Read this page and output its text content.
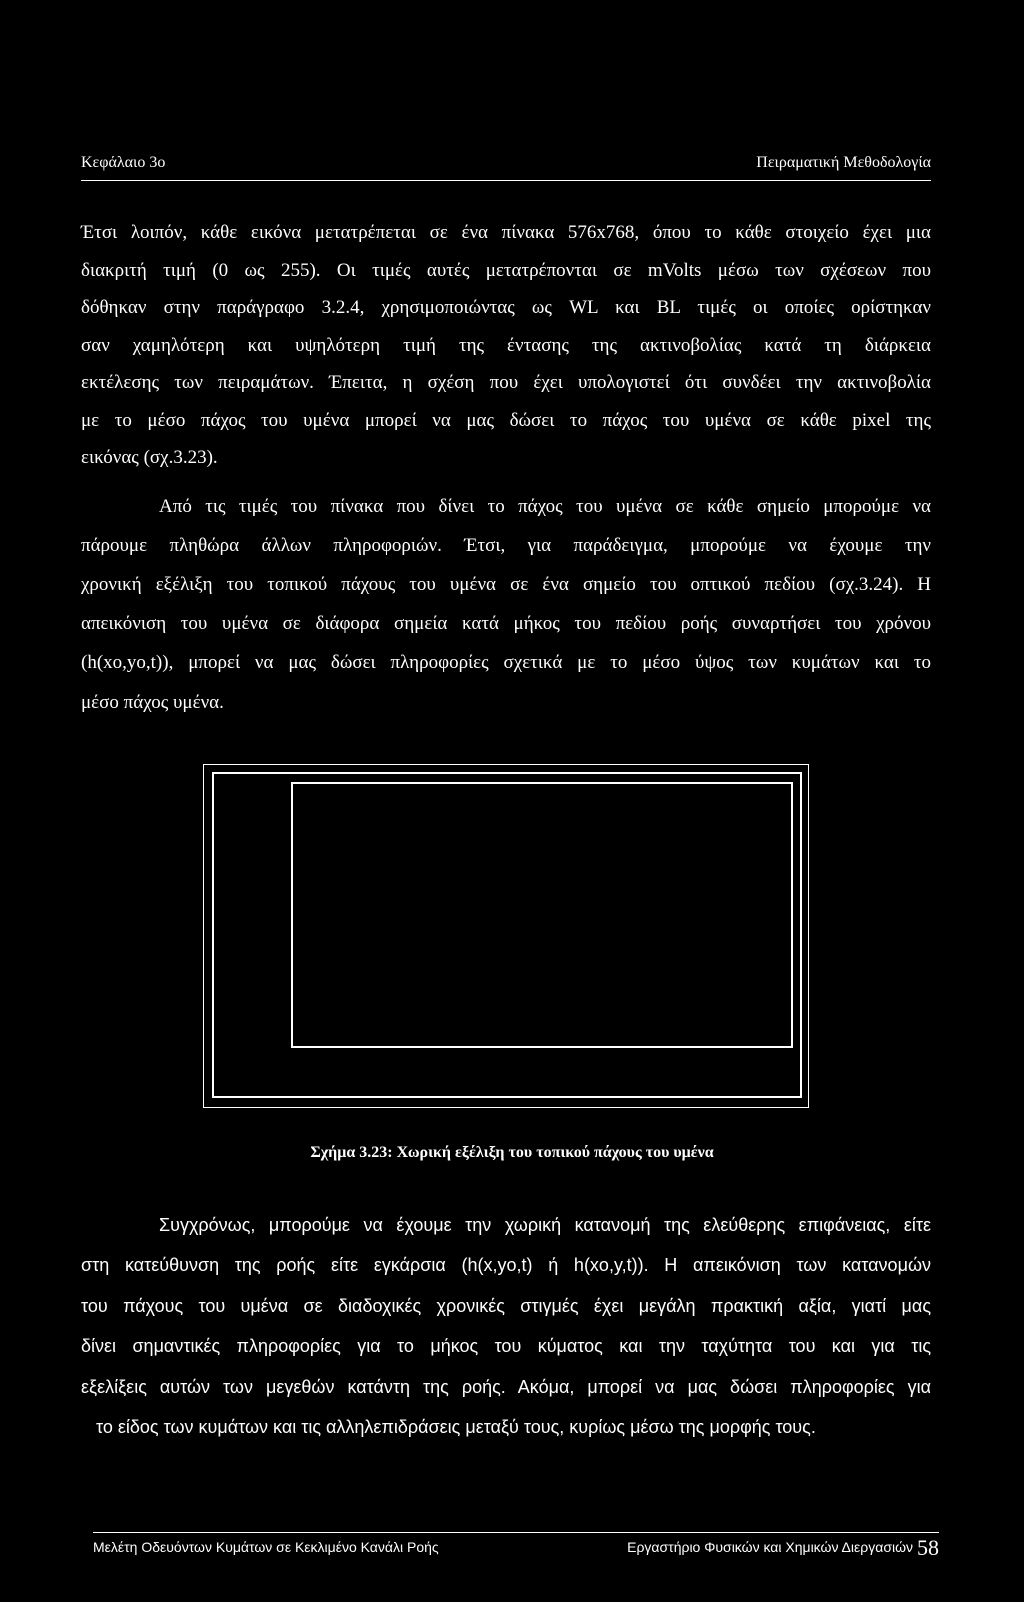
Κεφάλαιο 3ο	Πειραματική Μεθοδολογία
Έτσι λοιπόν, κάθε εικόνα μετατρέπεται σε ένα πίνακα 576x768, όπου το κάθε στοιχείο έχει μια
διακριτή τιμή (0 ως 255). Οι τιμές αυτές μετατρέπονται σε mVolts μέσω των σχέσεων που
δόθηκαν στην παράγραφο 3.2.4, χρησιμοποιώντας ως WL και BL τιμές οι οποίες ορίστηκαν
σαν χαμηλότερη και υψηλότερη τιμή της έντασης της ακτινοβολίας κατά τη διάρκεια
εκτέλεσης των πειραμάτων. Έπειτα, η σχέση που έχει υπολογιστεί ότι συνδέει την ακτινοβολία
με το μέσο πάχος του υμένα μπορεί να μας δώσει το πάχος του υμένα σε κάθε pixel της
εικόνας (σχ.3.23).
Από τις τιμές του πίνακα που δίνει το πάχος του υμένα σε κάθε σημείο μπορούμε να
πάρουμε πληθώρα άλλων πληροφοριών. Έτσι, για παράδειγμα, μπορούμε να έχουμε την
χρονική εξέλιξη του τοπικού πάχους του υμένα σε ένα σημείο του οπτικού πεδίου (σχ.3.24). Η
απεικόνιση του υμένα σε διάφορα σημεία κατά μήκος του πεδίου ροής συναρτήσει του χρόνου
(h(xo,yo,t)), μπορεί να μας δώσει πληροφορίες σχετικά με το μέσο ύψος των κυμάτων και το
μέσο πάχος υμένα.
Σχήμα 3.23: Χωρική εξέλιξη του τοπικού πάχους του υμένα
Συγχρόνως, μπορούμε να έχουμε την χωρική κατανομή της ελεύθερης επιφάνειας, είτε
στη κατεύθυνση της ροής είτε εγκάρσια (h(x,yo,t) ή h(xo,y,t)). Η απεικόνιση των κατανομών
του πάχους του υμένα σε διαδοχικές χρονικές στιγμές έχει μεγάλη πρακτική αξία, γιατί μας
δίνει σημαντικές πληροφορίες για το μήκος του κύματος και την ταχύτητα του και για τις
εξελίξεις αυτών των μεγεθών κατάντη της ροής. Ακόμα, μπορεί να μας δώσει πληροφορίες για
το είδος των κυμάτων και τις αλληλεπιδράσεις μεταξύ τους, κυρίως μέσω της μορφής τους.
Μελέτη Οδευόντων Κυμάτων σε Κεκλιμένο Κανάλι Ροής	Εργαστήριο Φυσικών και Χημικών Διεργασιών 58
